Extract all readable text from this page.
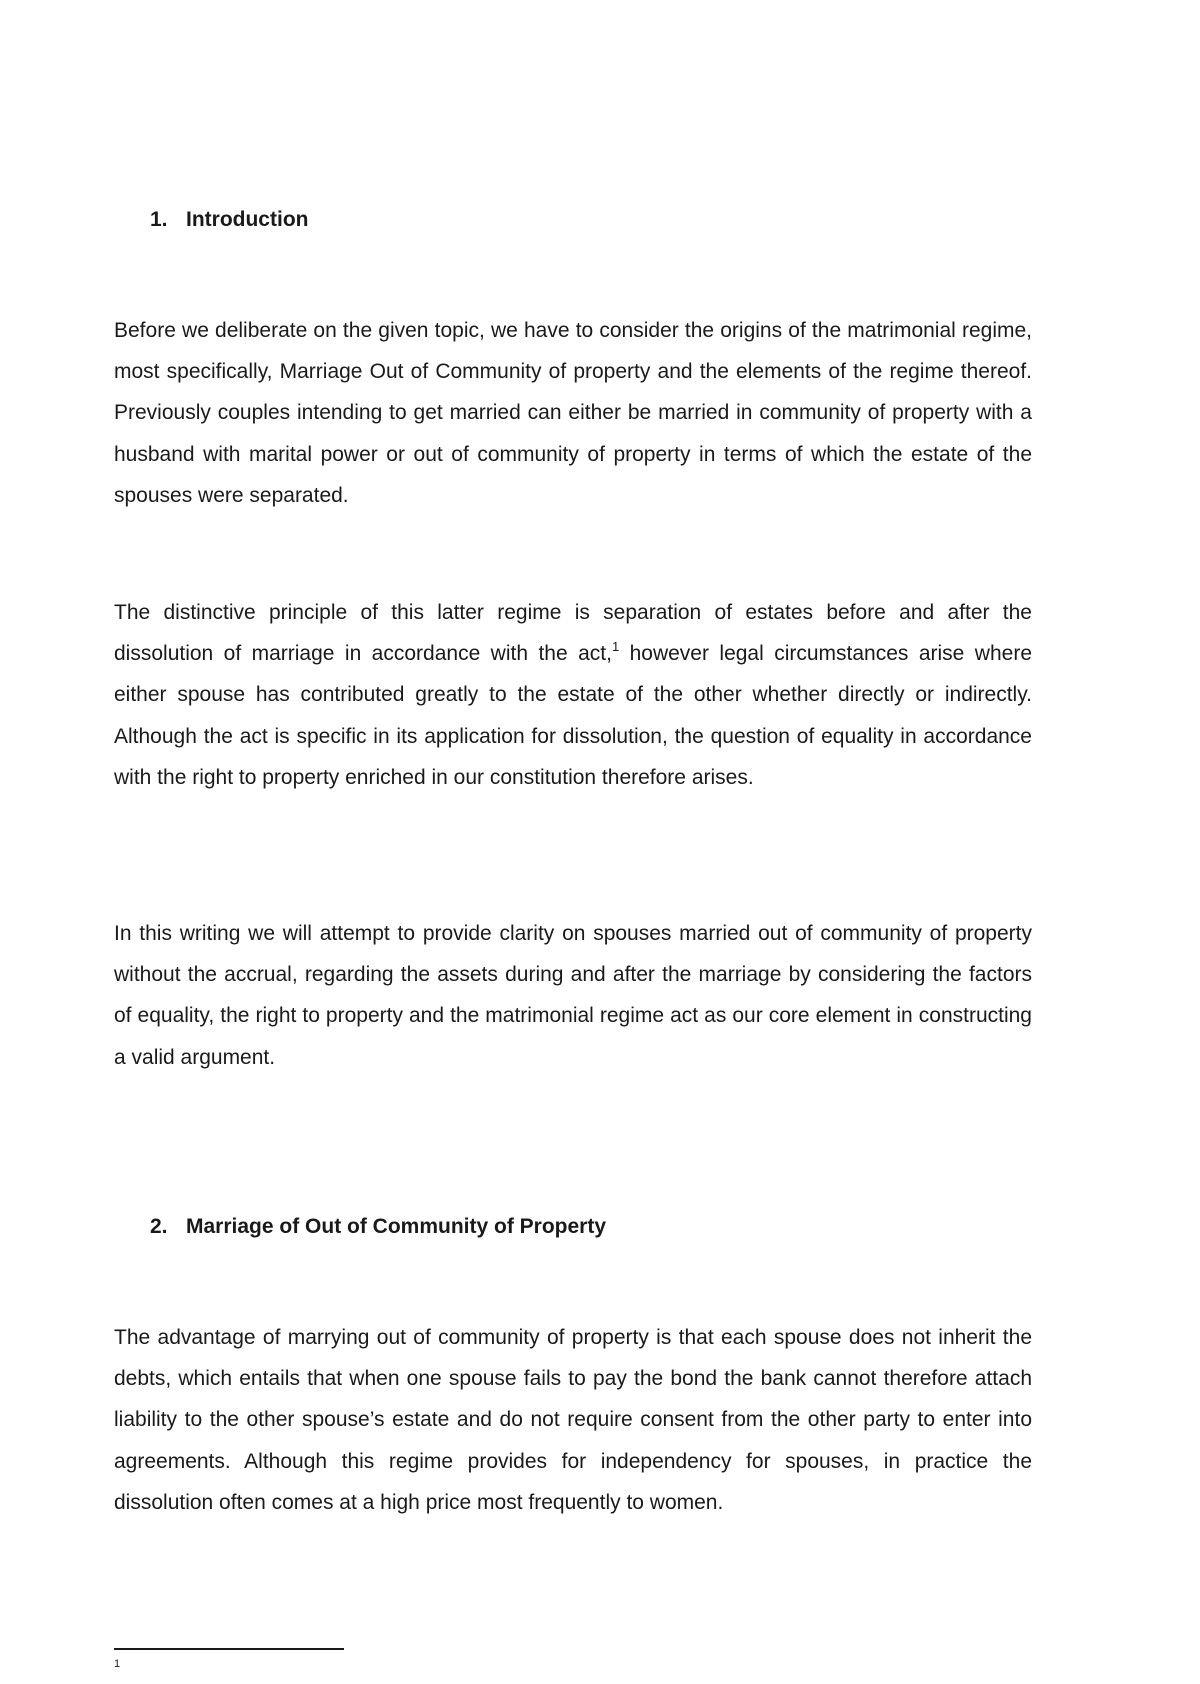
1. Introduction

Before we deliberate on the given topic, we have to consider the origins of the matrimonial regime, most specifically, Marriage Out of Community of property and the elements of the regime thereof. Previously couples intending to get married can either be married in community of property with a husband with marital power or out of community of property in terms of which the estate of the spouses were separated.

The distinctive principle of this latter regime is separation of estates before and after the dissolution of marriage in accordance with the act,$^1$ however legal circumstances arise where either spouse has contributed greatly to the estate of the other whether directly or indirectly. Although the act is specific in its application for dissolution, the question of equality in accordance with the right to property enriched in our constitution therefore arises.

In this writing we will attempt to provide clarity on spouses married out of community of property without the accrual, regarding the assets during and after the marriage by considering the factors of equality, the right to property and the matrimonial regime act as our core element in constructing a valid argument.

2. Marriage of Out of Community of Property

The advantage of marrying out of community of property is that each spouse does not inherit the debts, which entails that when one spouse fails to pay the bond the bank cannot therefore attach liability to the other spouse’s estate and do not require consent from the other party to enter into agreements. Although this regime provides for independency for spouses, in practice the dissolution often comes at a high price most frequently to women.

1
